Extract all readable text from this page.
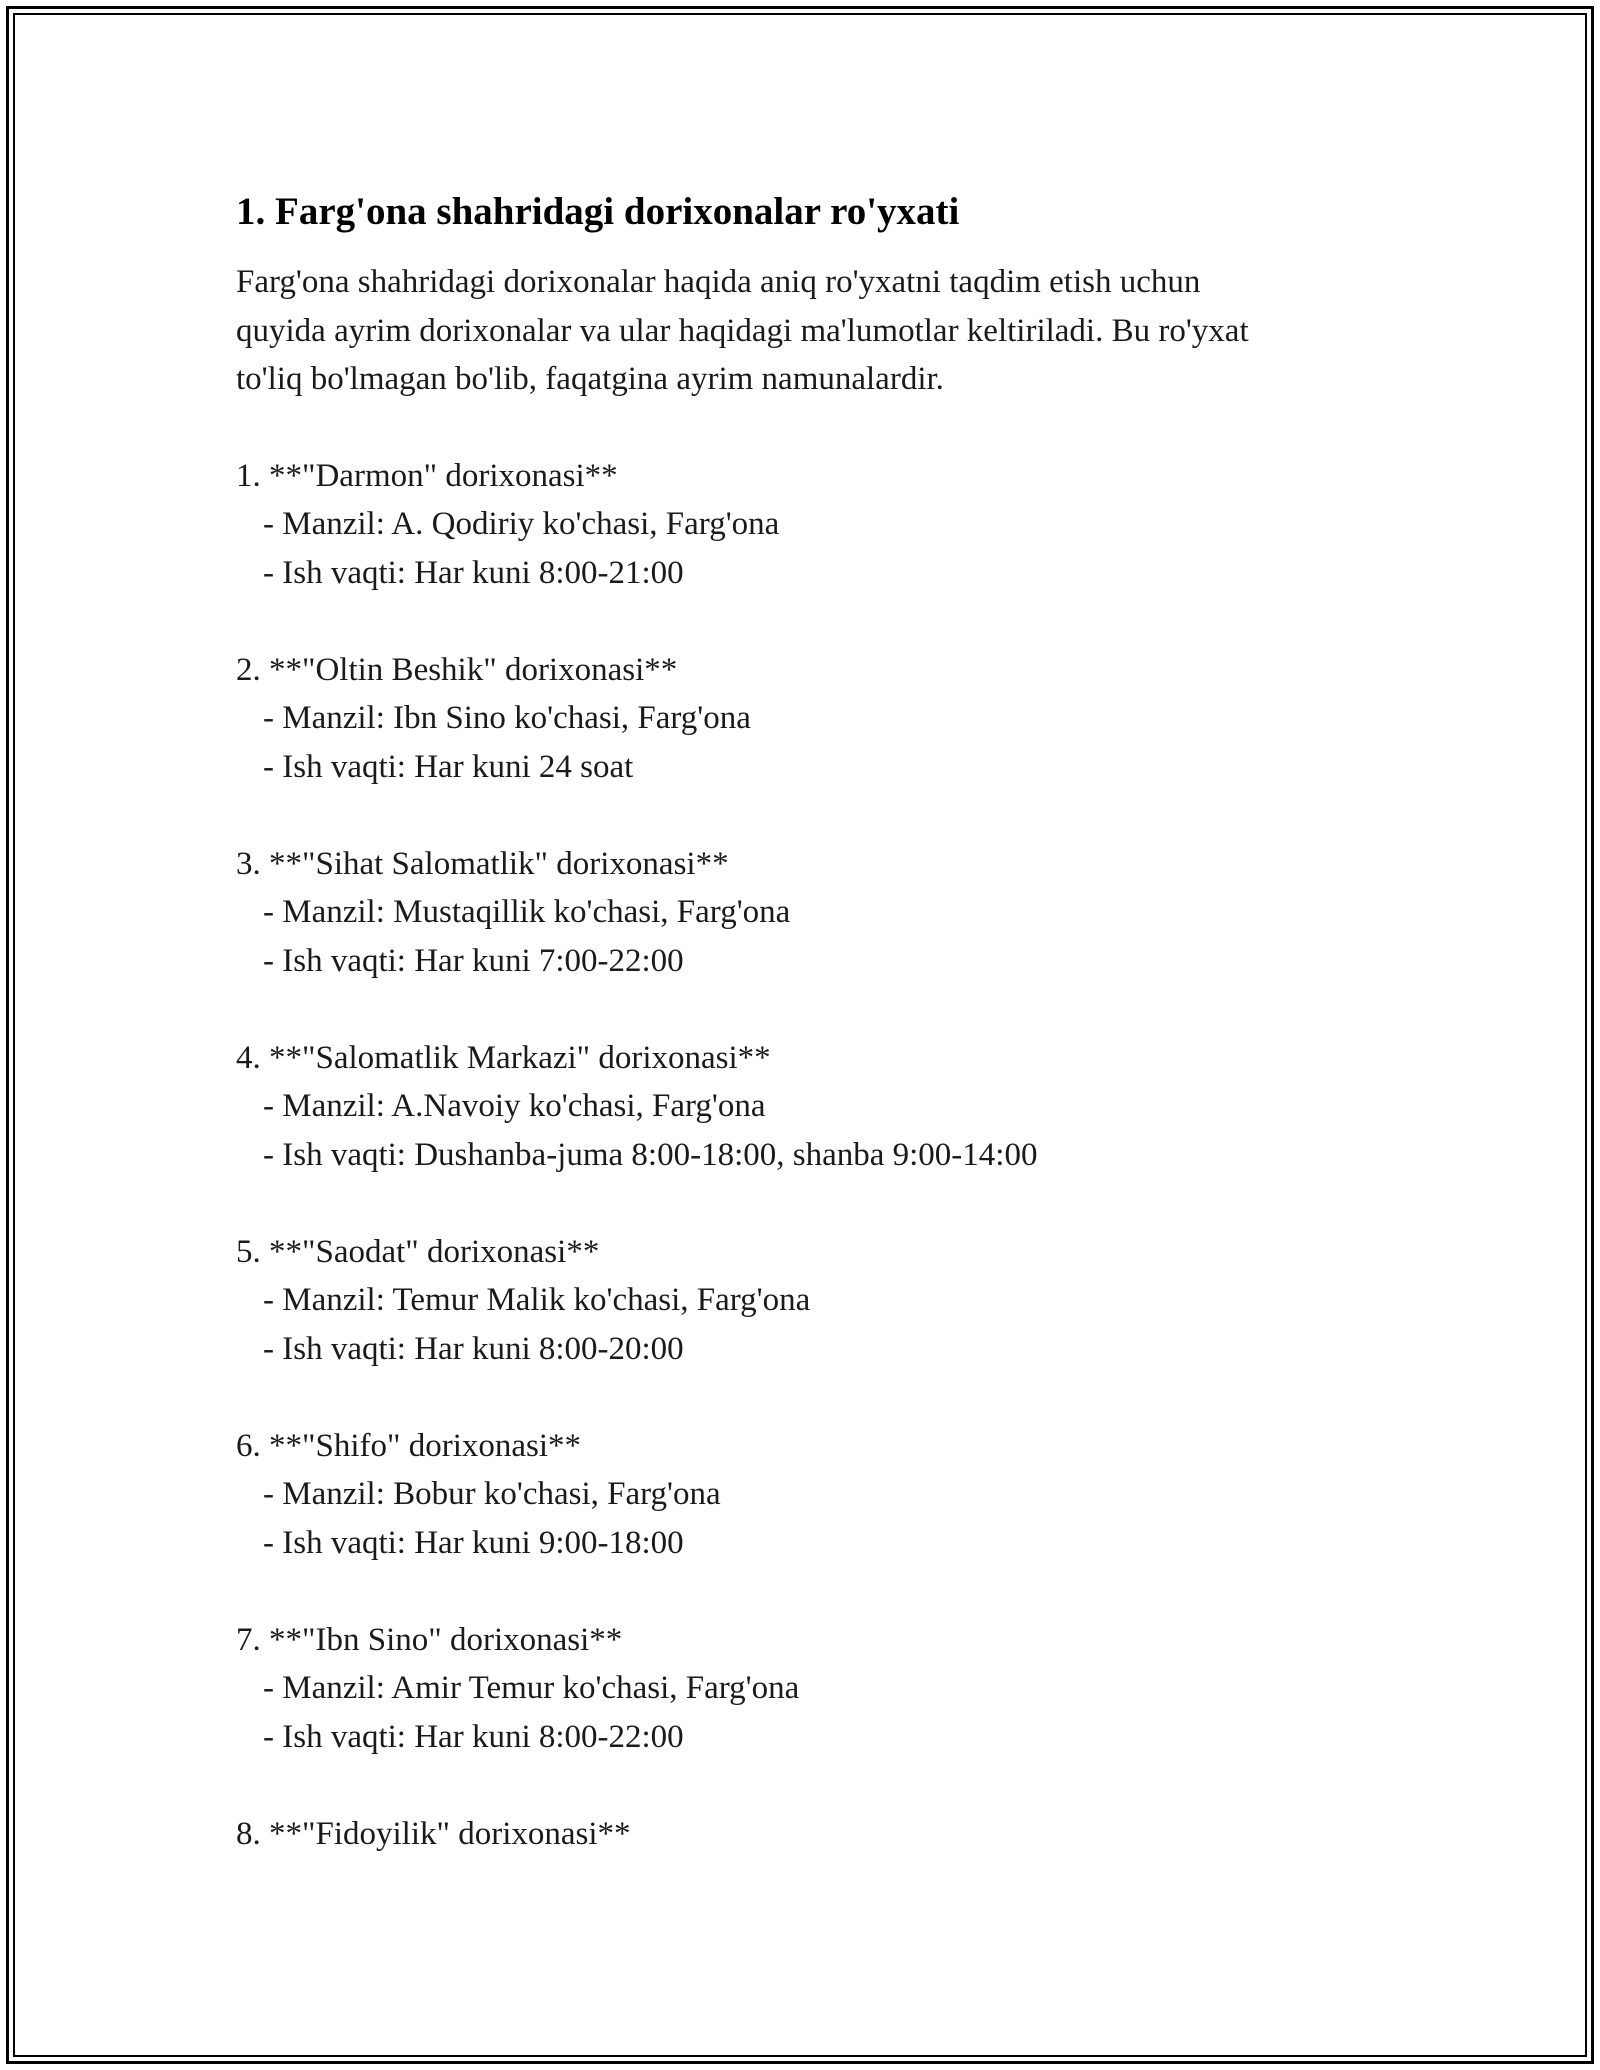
1. Farg'ona shahridagi dorixonalar ro'yxati

Farg'ona shahridagi dorixonalar haqida aniq ro'yxatni taqdim etish uchun
quyida ayrim dorixonalar va ular haqidagi ma'lumotlar keltiriladi. Bu ro'yxat
to'liq bo'lmagan bo'lib, faqatgina ayrim namunalardir.

1. **"Darmon" dorixonasi**
- Manzil: A. Qodiriy ko'chasi, Farg'ona
- Ish vaqti: Har kuni 8:00-21:00
2. **"Oltin Beshik" dorixonasi**
- Manzil: Ibn Sino ko'chasi, Farg'ona
- Ish vaqti: Har kuni 24 soat
3. **"Sihat Salomatlik" dorixonasi**
- Manzil: Mustaqillik ko'chasi, Farg'ona
- Ish vaqti: Har kuni 7:00-22:00
4. **"Salomatlik Markazi" dorixonasi**
- Manzil: A.Navoiy ko'chasi, Farg'ona
- Ish vaqti: Dushanba-juma 8:00-18:00, shanba 9:00-14:00
5. **"Saodat" dorixonasi**
- Manzil: Temur Malik ko'chasi, Farg'ona
- Ish vaqti: Har kuni 8:00-20:00
6. **"Shifo" dorixonasi**
- Manzil: Bobur ko'chasi, Farg'ona
- Ish vaqti: Har kuni 9:00-18:00
7. **"Ibn Sino" dorixonasi**
- Manzil: Amir Temur ko'chasi, Farg'ona
- Ish vaqti: Har kuni 8:00-22:00
8. **"Fidoyilik" dorixonasi**
